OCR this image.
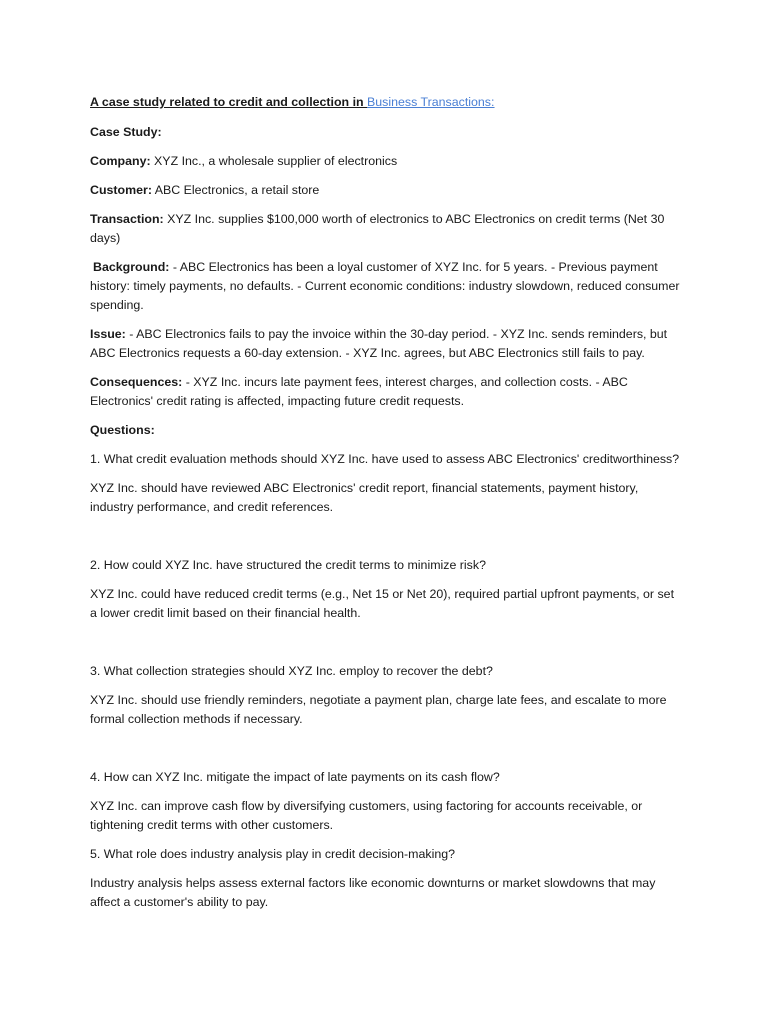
A case study related to credit and collection in Business Transactions:

Case Study:

Company: XYZ Inc., a wholesale supplier of electronics

Customer: ABC Electronics, a retail store

Transaction: XYZ Inc. supplies $100,000 worth of electronics to ABC Electronics on credit terms (Net 30 days)

Background: - ABC Electronics has been a loyal customer of XYZ Inc. for 5 years. - Previous payment history: timely payments, no defaults. - Current economic conditions: industry slowdown, reduced consumer spending.

Issue: - ABC Electronics fails to pay the invoice within the 30-day period. - XYZ Inc. sends reminders, but ABC Electronics requests a 60-day extension. - XYZ Inc. agrees, but ABC Electronics still fails to pay.

Consequences: - XYZ Inc. incurs late payment fees, interest charges, and collection costs. - ABC Electronics' credit rating is affected, impacting future credit requests.

Questions:

1. What credit evaluation methods should XYZ Inc. have used to assess ABC Electronics' creditworthiness?

XYZ Inc. should have reviewed ABC Electronics' credit report, financial statements, payment history, industry performance, and credit references.

2. How could XYZ Inc. have structured the credit terms to minimize risk?

XYZ Inc. could have reduced credit terms (e.g., Net 15 or Net 20), required partial upfront payments, or set a lower credit limit based on their financial health.

3. What collection strategies should XYZ Inc. employ to recover the debt?

XYZ Inc. should use friendly reminders, negotiate a payment plan, charge late fees, and escalate to more formal collection methods if necessary.

4. How can XYZ Inc. mitigate the impact of late payments on its cash flow?

XYZ Inc. can improve cash flow by diversifying customers, using factoring for accounts receivable, or tightening credit terms with other customers.

5. What role does industry analysis play in credit decision-making?

Industry analysis helps assess external factors like economic downturns or market slowdowns that may affect a customer's ability to pay.
